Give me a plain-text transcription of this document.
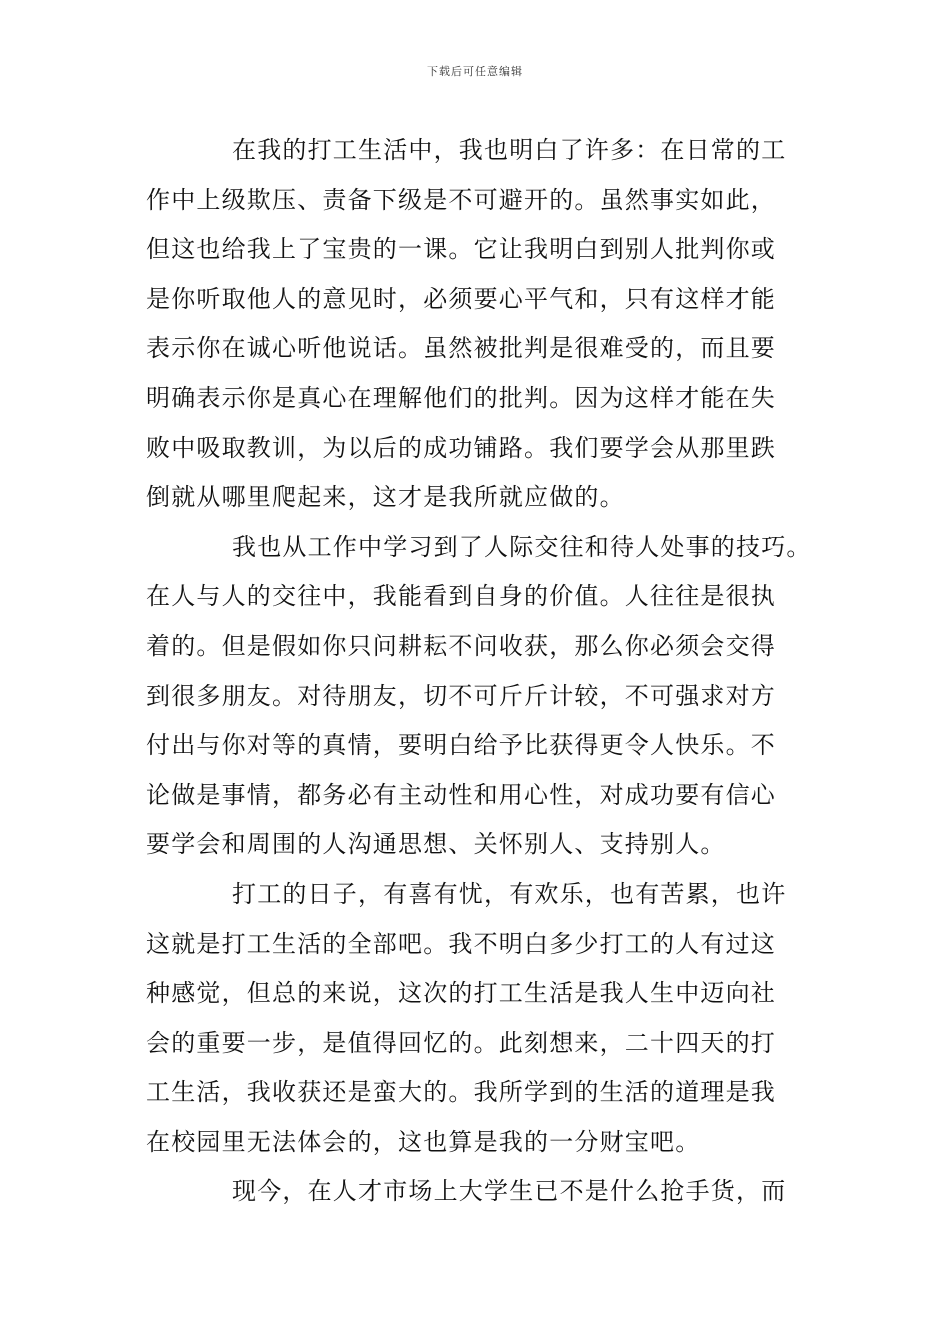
下载后可任意编辑
在我的打工生活中，我也明白了许多：在日常的工
作中上级欺压、责备下级是不可避开的。虽然事实如此，
但这也给我上了宝贵的一课。它让我明白到别人批判你或
是你听取他人的意见时，必须要心平气和，只有这样才能
表示你在诚心听他说话。虽然被批判是很难受的，而且要
明确表示你是真心在理解他们的批判。因为这样才能在失
败中吸取教训，为以后的成功铺路。我们要学会从那里跌
倒就从哪里爬起来，这才是我所就应做的。
我也从工作中学习到了人际交往和待人处事的技巧。
在人与人的交往中，我能看到自身的价值。人往往是很执
着的。但是假如你只问耕耘不问收获，那么你必须会交得
到很多朋友。对待朋友，切不可斤斤计较，不可强求对方
付出与你对等的真情，要明白给予比获得更令人快乐。不
论做是事情，都务必有主动性和用心性，对成功要有信心
要学会和周围的人沟通思想、关怀别人、支持别人。
打工的日子，有喜有忧，有欢乐，也有苦累，也许
这就是打工生活的全部吧。我不明白多少打工的人有过这
种感觉，但总的来说，这次的打工生活是我人生中迈向社
会的重要一步，是值得回忆的。此刻想来，二十四天的打
工生活，我收获还是蛮大的。我所学到的生活的道理是我
在校园里无法体会的，这也算是我的一分财宝吧。
现今，在人才市场上大学生已不是什么抢手货，而
